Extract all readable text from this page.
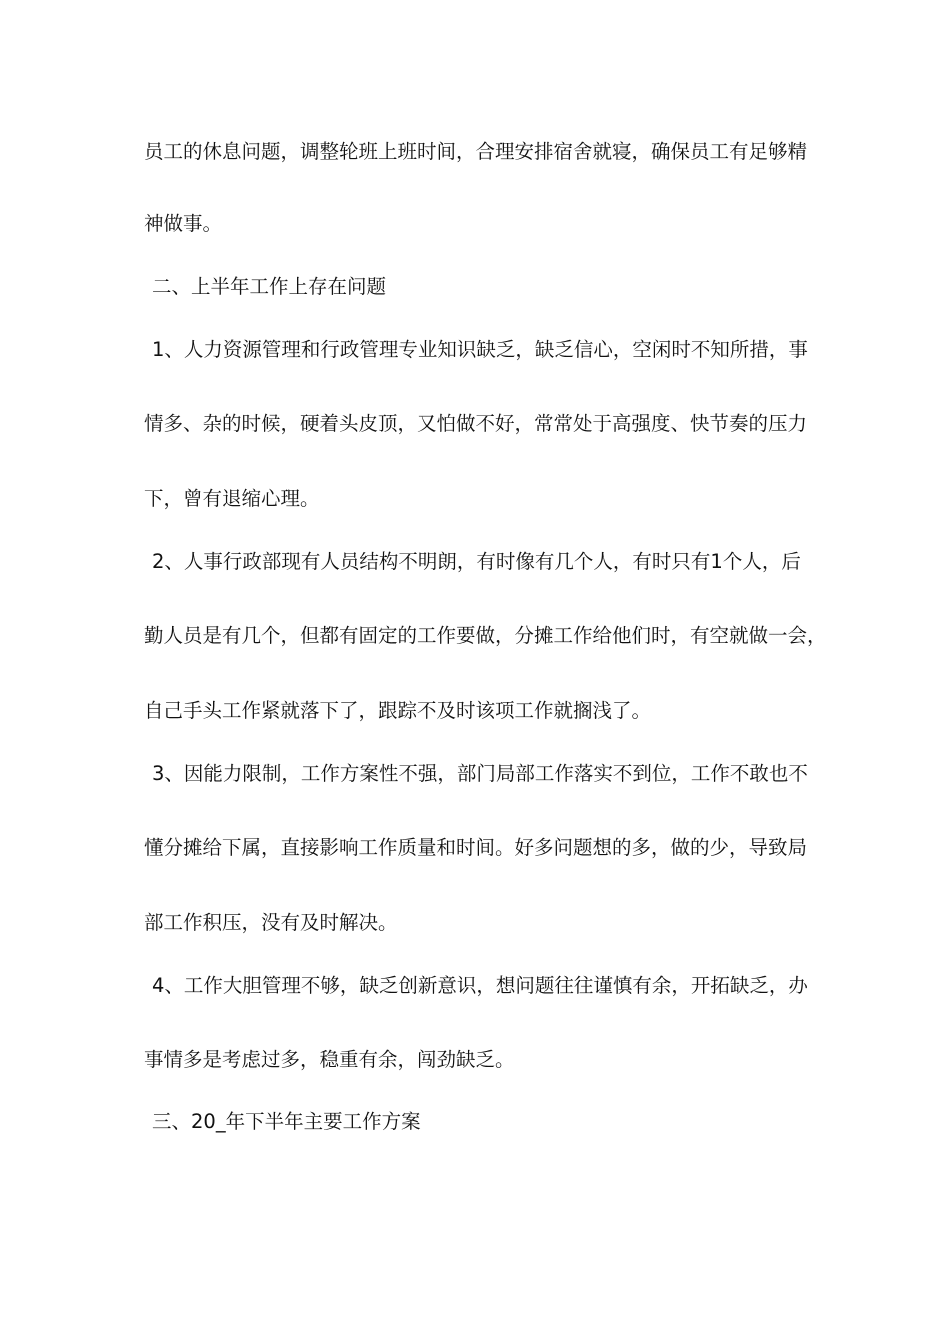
员工的休息问题，调整轮班上班时间，合理安排宿舍就寝，确保员工有足够精
神做事。
二、上半年工作上存在问题
1、人力资源管理和行政管理专业知识缺乏，缺乏信心，空闲时不知所措，事
情多、杂的时候，硬着头皮顶，又怕做不好，常常处于高强度、快节奏的压力
下，曾有退缩心理。
2、人事行政部现有人员结构不明朗，有时像有几个人，有时只有1个人，后
勤人员是有几个，但都有固定的工作要做，分摊工作给他们时，有空就做一会，
自己手头工作紧就落下了，跟踪不及时该项工作就搁浅了。
3、因能力限制，工作方案性不强，部门局部工作落实不到位，工作不敢也不
懂分摊给下属，直接影响工作质量和时间。好多问题想的多，做的少，导致局
部工作积压，没有及时解决。
4、工作大胆管理不够，缺乏创新意识，想问题往往谨慎有余，开拓缺乏，办
事情多是考虑过多，稳重有余，闯劲缺乏。
三、20_年下半年主要工作方案
